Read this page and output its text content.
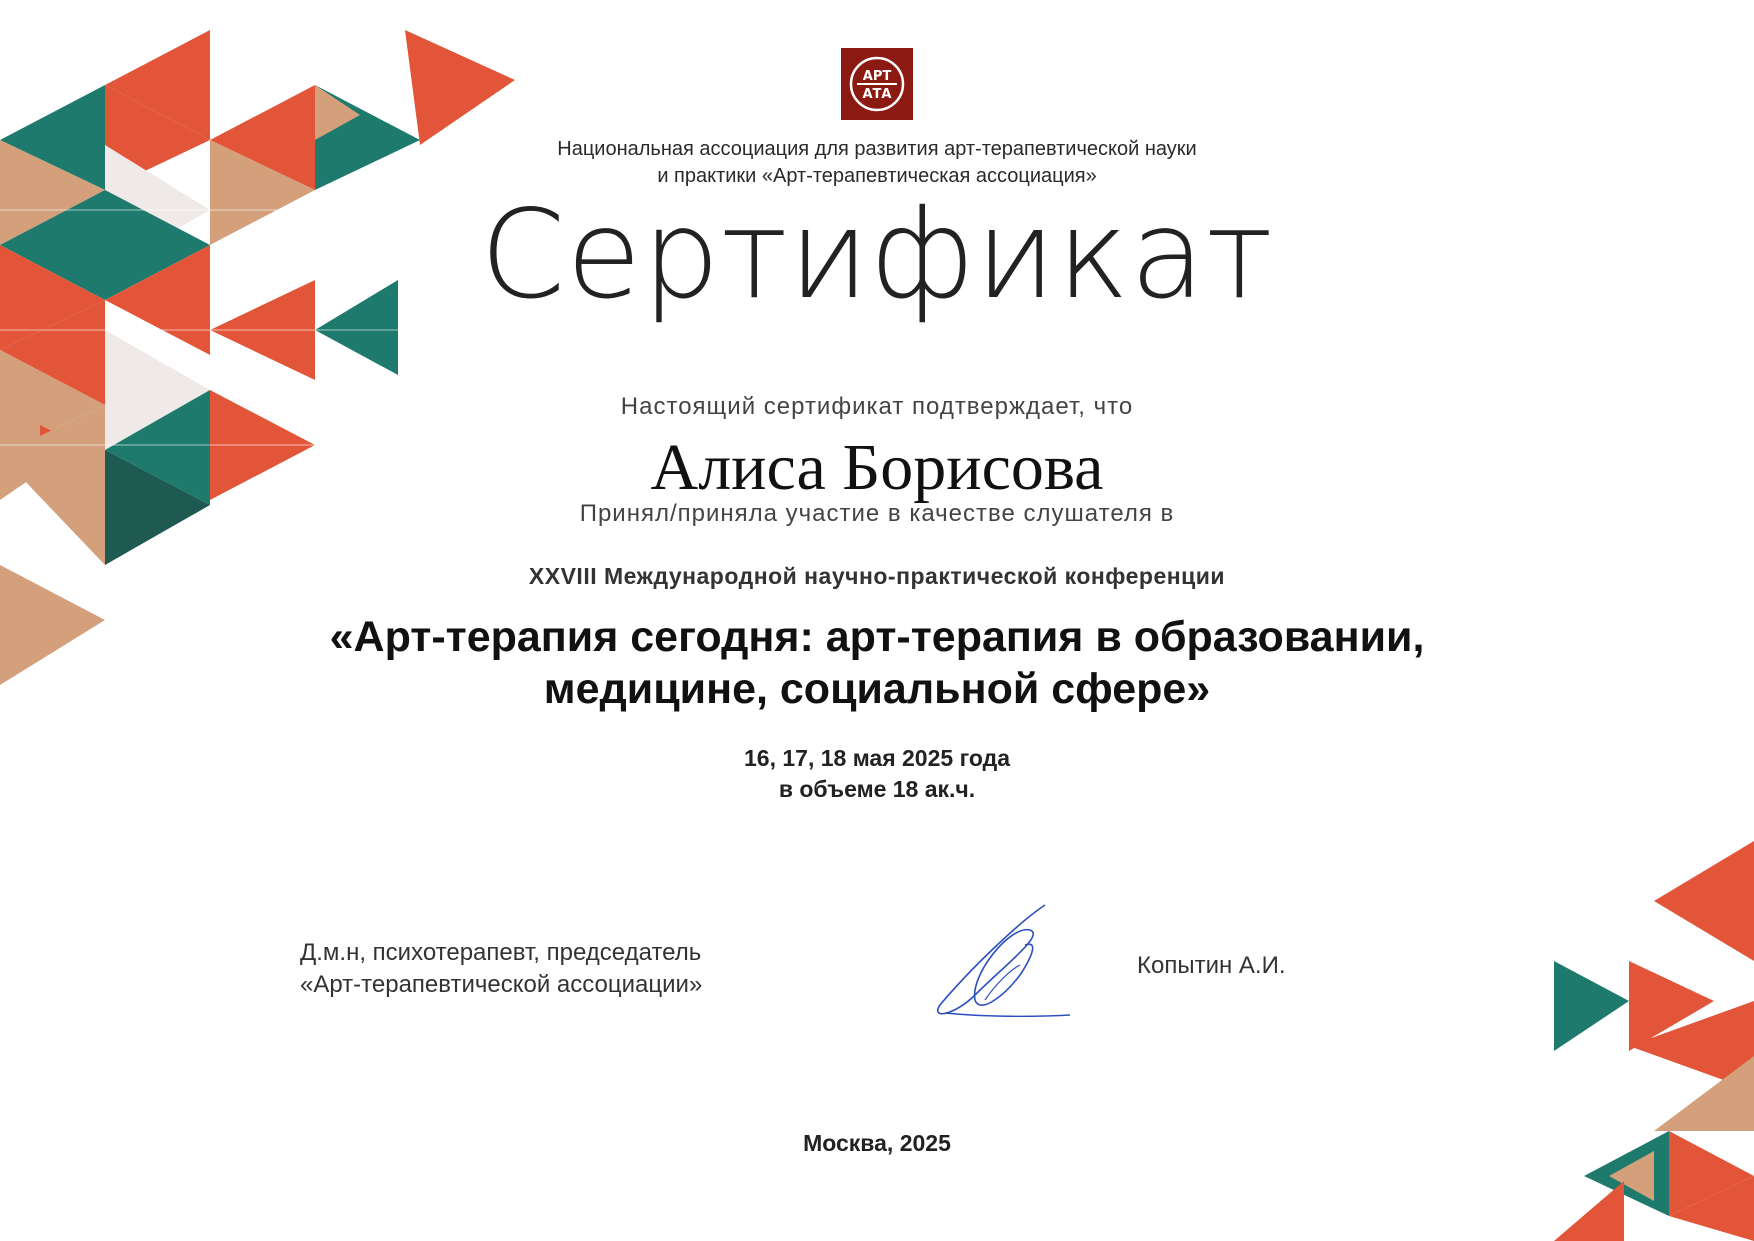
АРТ
АТА
Национальная ассоциация для развития арт-терапевтической науки
и практики «Арт-терапевтическая ассоциация»
Сертификат
Настоящий сертификат подтверждает, что
Алиса Борисова
Принял/приняла участие в качестве слушателя в
XXVIII Международной научно-практической конференции
«Арт-терапия сегодня: арт-терапия в образовании,
медицине, социальной сфере»
16, 17, 18 мая 2025 года
в объеме 18 ак.ч.
Д.м.н, психотерапевт, председатель
«Арт-терапевтической ассоциации»
Копытин А.И.
Москва, 2025
